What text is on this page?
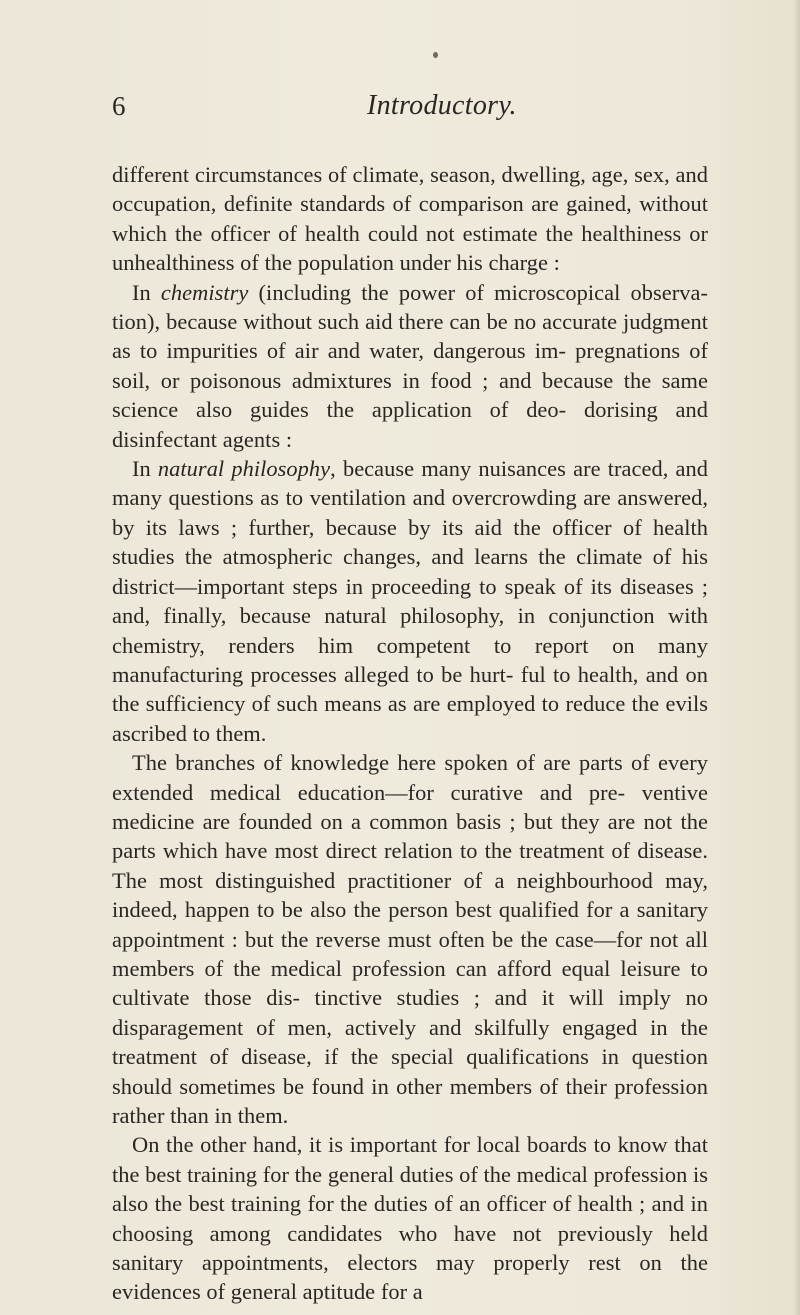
6	Introductory.

different circumstances of climate, season, dwelling, age, sex, and occupation, definite standards of comparison are gained, without which the officer of health could not estimate the healthiness or unhealthiness of the population under his charge :

In chemistry (including the power of microscopical observa- tion), because without such aid there can be no accurate judgment as to impurities of air and water, dangerous im- pregnations of soil, or poisonous admixtures in food ; and because the same science also guides the application of deo- dorising and disinfectant agents :

In natural philosophy, because many nuisances are traced, and many questions as to ventilation and overcrowding are answered, by its laws ; further, because by its aid the officer of health studies the atmospheric changes, and learns the climate of his district—important steps in proceeding to speak of its diseases ; and, finally, because natural philosophy, in conjunction with chemistry, renders him competent to report on many manufacturing processes alleged to be hurt- ful to health, and on the sufficiency of such means as are employed to reduce the evils ascribed to them.

The branches of knowledge here spoken of are parts of every extended medical education—for curative and pre- ventive medicine are founded on a common basis ; but they are not the parts which have most direct relation to the treatment of disease. The most distinguished practitioner of a neighbourhood may, indeed, happen to be also the person best qualified for a sanitary appointment : but the reverse must often be the case—for not all members of the medical profession can afford equal leisure to cultivate those dis- tinctive studies ; and it will imply no disparagement of men, actively and skilfully engaged in the treatment of disease, if the special qualifications in question should sometimes be found in other members of their profession rather than in them.

On the other hand, it is important for local boards to know that the best training for the general duties of the medical profession is also the best training for the duties of an officer of health ; and in choosing among candidates who have not previously held sanitary appointments, electors may properly rest on the evidences of general aptitude for a
